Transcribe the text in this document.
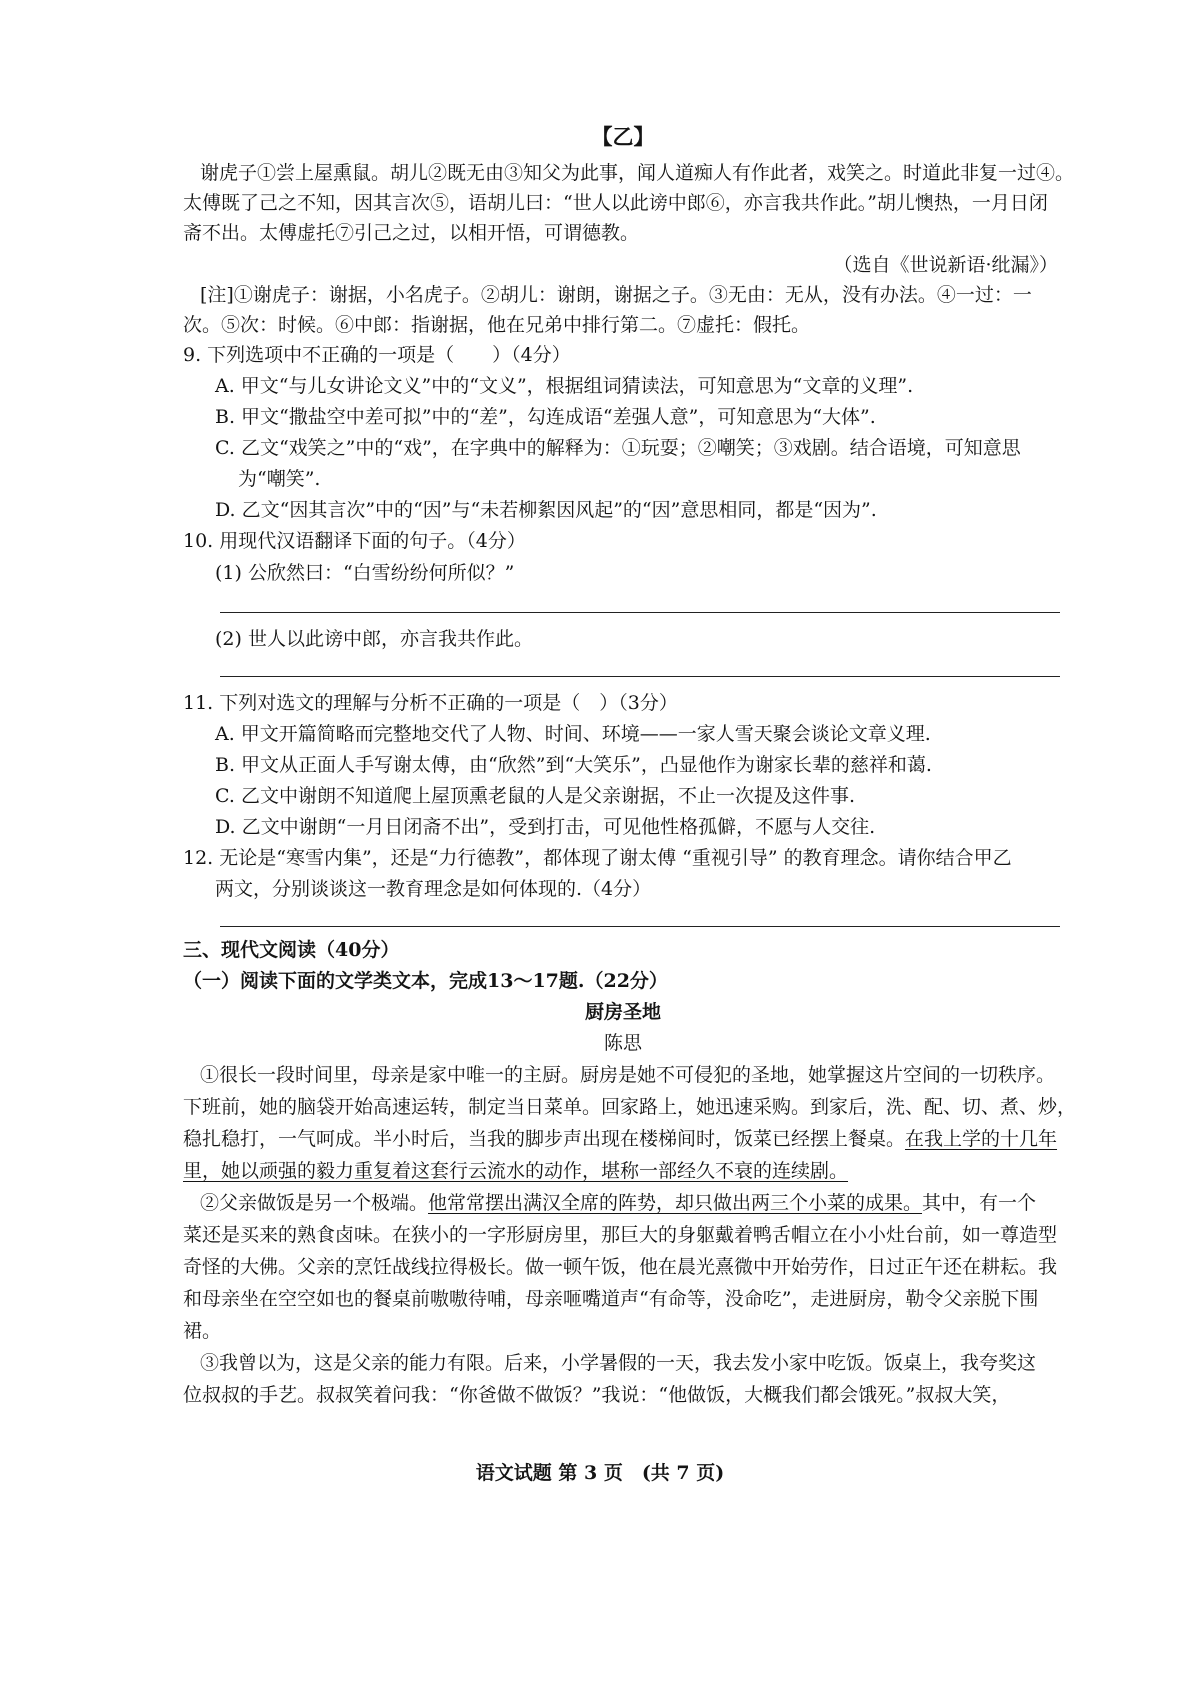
【乙】
谢虎子①尝上屋熏鼠。胡儿②既无由③知父为此事，闻人道痴人有作此者，戏笑之。时道此非复一过④。
太傅既了己之不知，因其言次⑤，语胡儿曰：“世人以此谤中郎⑥，亦言我共作此。”胡儿懊热，一月日闭
斋不出。太傅虚托⑦引己之过，以相开悟，可谓德教。
（选自《世说新语·纰漏》）
[注]①谢虎子：谢据，小名虎子。②胡儿：谢朗，谢据之子。③无由：无从，没有办法。④一过：一
次。⑤次：时候。⑥中郎：指谢据，他在兄弟中排行第二。⑦虚托：假托。
9. 下列选项中不正确的一项是（　　）（4分）
A. 甲文“与儿女讲论文义”中的“文义”，根据组词猜读法，可知意思为“文章的义理”.
B. 甲文“撒盐空中差可拟”中的“差”，勾连成语“差强人意”，可知意思为“大体”.
C. 乙文“戏笑之”中的“戏”，在字典中的解释为：①玩耍；②嘲笑；③戏剧。结合语境，可知意思
为“嘲笑”.
D. 乙文“因其言次”中的“因”与“未若柳絮因风起”的“因”意思相同，都是“因为”.
10. 用现代汉语翻译下面的句子。（4分）
(1) 公欣然曰：“白雪纷纷何所似？”
(2) 世人以此谤中郎，亦言我共作此。
11. 下列对选文的理解与分析不正确的一项是（　）（3分）
A. 甲文开篇简略而完整地交代了人物、时间、环境——一家人雪天聚会谈论文章义理.
B. 甲文从正面人手写谢太傅，由“欣然”到“大笑乐”，凸显他作为谢家长辈的慈祥和蔼.
C. 乙文中谢朗不知道爬上屋顶熏老鼠的人是父亲谢据，不止一次提及这件事.
D. 乙文中谢朗“一月日闭斋不出”，受到打击，可见他性格孤僻，不愿与人交往.
12. 无论是“寒雪内集”，还是“力行德教”，都体现了谢太傅 “重视引导” 的教育理念。请你结合甲乙
两文，分别谈谈这一教育理念是如何体现的.（4分）
三、现代文阅读（40分）
（一）阅读下面的文学类文本，完成13～17题.（22分）
厨房圣地
陈思
①很长一段时间里，母亲是家中唯一的主厨。厨房是她不可侵犯的圣地，她掌握这片空间的一切秩序。
下班前，她的脑袋开始高速运转，制定当日菜单。回家路上，她迅速采购。到家后，洗、配、切、煮、炒，
稳扎稳打，一气呵成。半小时后，当我的脚步声出现在楼梯间时，饭菜已经摆上餐桌。在我上学的十几年
里，她以顽强的毅力重复着这套行云流水的动作，堪称一部经久不衰的连续剧。
②父亲做饭是另一个极端。他常常摆出满汉全席的阵势，却只做出两三个小菜的成果。其中，有一个
菜还是买来的熟食卤味。在狭小的一字形厨房里，那巨大的身躯戴着鸭舌帽立在小小灶台前，如一尊造型
奇怪的大佛。父亲的烹饪战线拉得极长。做一顿午饭，他在晨光熹微中开始劳作，日过正午还在耕耘。我
和母亲坐在空空如也的餐桌前嗷嗷待哺，母亲咂嘴道声“有命等，没命吃”，走进厨房，勒令父亲脱下围
裙。
③我曾以为，这是父亲的能力有限。后来，小学暑假的一天，我去发小家中吃饭。饭桌上，我夸奖这
位叔叔的手艺。叔叔笑着问我：“你爸做不做饭？”我说：“他做饭，大概我们都会饿死。”叔叔大笑，
语文试题 第 3 页　(共 7 页)
